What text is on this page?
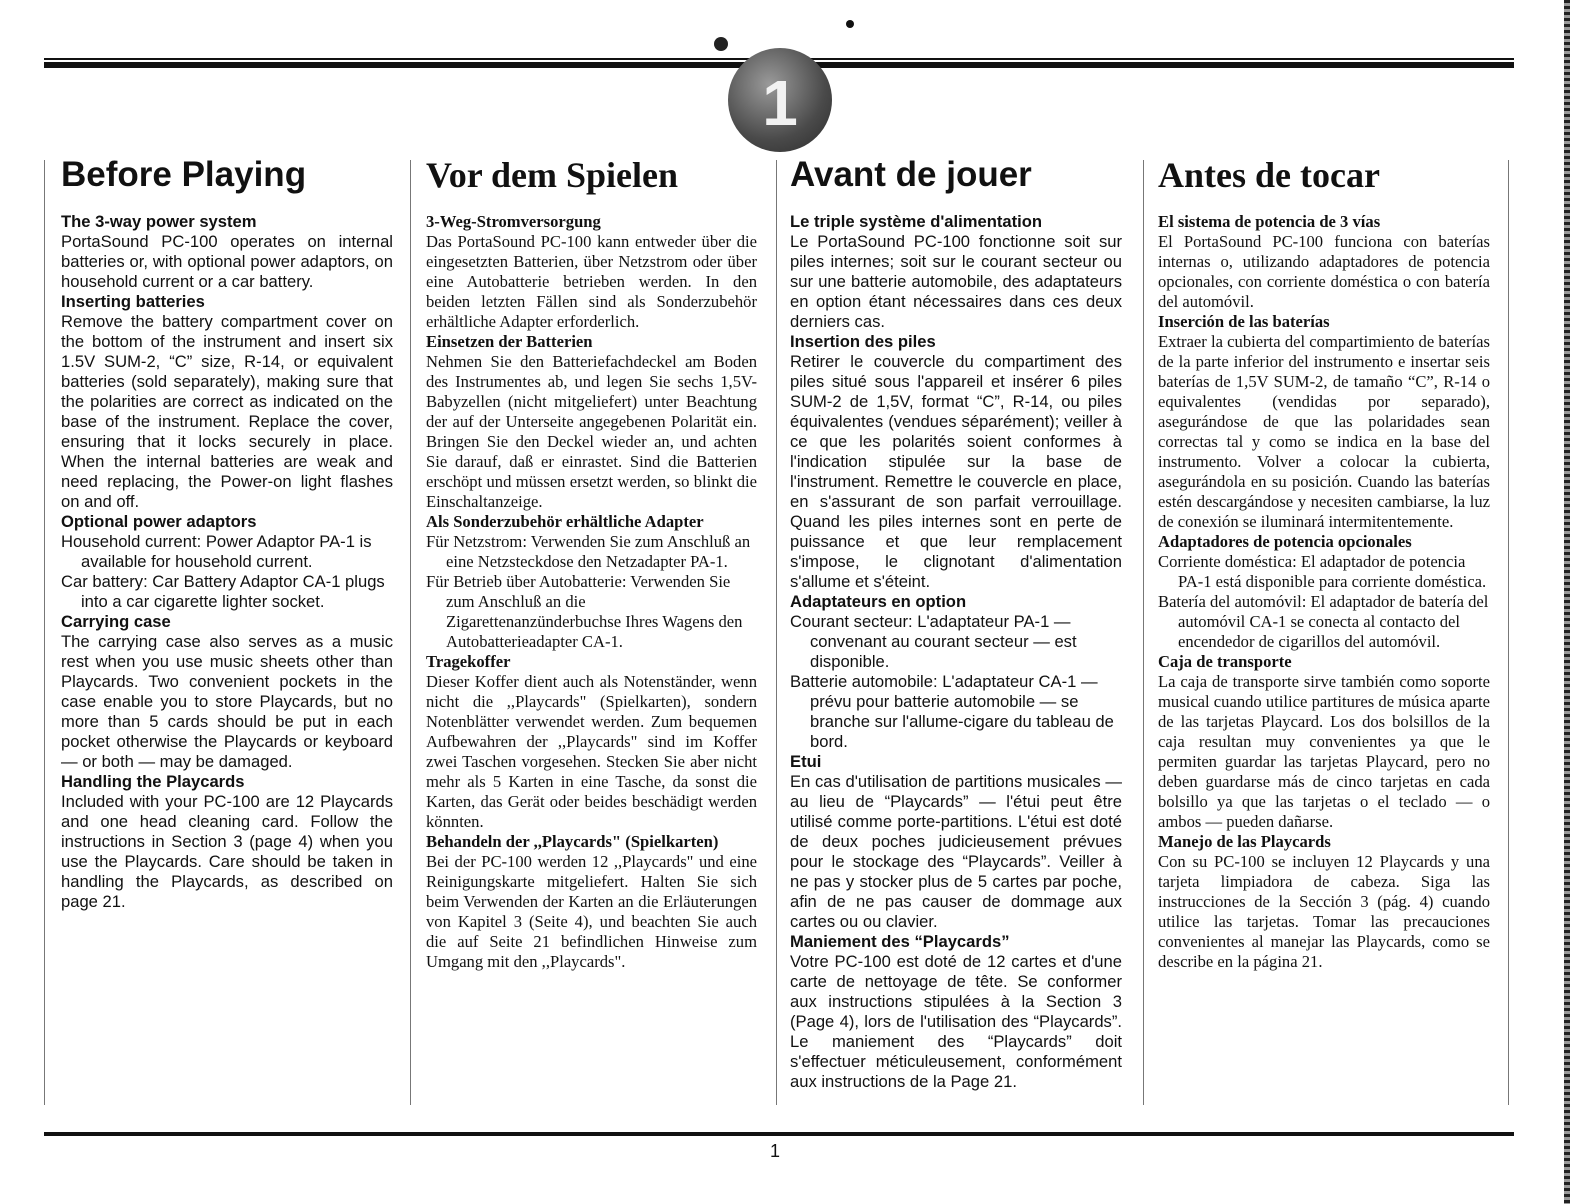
1
Before Playing
The 3-way power system

PortaSound PC-100 operates on internal batteries or, with optional power adaptors, on household current or a car battery.

Inserting batteries

Remove the battery compartment cover on the bottom of the instrument and insert six 1.5V SUM-2, “C” size, R-14, or equivalent batteries (sold separately), making sure that the polarities are correct as indicated on the base of the instrument. Replace the cover, ensuring that it locks securely in place. When the internal batteries are weak and need replacing, the Power-on light flashes on and off.

Optional power adaptors

Household current: Power Adaptor PA-1 is available for household current.

Car battery: Car Battery Adaptor CA-1 plugs into a car cigarette lighter socket.

Carrying case

The carrying case also serves as a music rest when you use music sheets other than Playcards. Two convenient pockets in the case enable you to store Playcards, but no more than 5 cards should be put in each pocket otherwise the Playcards or keyboard — or both — may be damaged.

Handling the Playcards

Included with your PC-100 are 12 Playcards and one head cleaning card. Follow the instructions in Section 3 (page 4) when you use the Playcards. Care should be taken in handling the Playcards, as described on page 21.

Vor dem Spielen
3-Weg-Stromversorgung

Das PortaSound PC-100 kann entweder über die eingesetzten Batterien, über Netzstrom oder über eine Autobatterie betrieben werden. In den beiden letzten Fällen sind als Sonderzubehör erhältliche Adapter erforderlich.

Einsetzen der Batterien

Nehmen Sie den Batteriefachdeckel am Boden des Instrumentes ab, und legen Sie sechs 1,5V-Babyzellen (nicht mitgeliefert) unter Beachtung der auf der Unterseite angegebenen Polarität ein. Bringen Sie den Deckel wieder an, und achten Sie darauf, daß er einrastet. Sind die Batterien erschöpt und müssen ersetzt werden, so blinkt die Einschaltanzeige.

Als Sonderzubehör erhältliche Adapter

Für Netzstrom: Verwenden Sie zum Anschluß an eine Netzsteckdose den Netzadapter PA-1.

Für Betrieb über Autobatterie: Verwenden Sie zum Anschluß an die Zigarettenanzünderbuchse Ihres Wagens den Autobatterieadapter CA-1.

Tragekoffer

Dieser Koffer dient auch als Notenständer, wenn nicht die ,,Playcards" (Spielkarten), sondern Notenblätter verwendet werden. Zum bequemen Aufbewahren der ,,Playcards" sind im Koffer zwei Taschen vorgesehen. Stecken Sie aber nicht mehr als 5 Karten in eine Tasche, da sonst die Karten, das Gerät oder beides beschädigt werden könnten.

Behandeln der ,,Playcards" (Spielkarten)

Bei der PC-100 werden 12 ,,Playcards" und eine Reinigungskarte mitgeliefert. Halten Sie sich beim Verwenden der Karten an die Erläuterungen von Kapitel 3 (Seite 4), und beachten Sie auch die auf Seite 21 befindlichen Hinweise zum Umgang mit den ,,Playcards".

Avant de jouer
Le triple système d'alimentation

Le PortaSound PC-100 fonctionne soit sur piles internes; soit sur le courant secteur ou sur une batterie automobile, des adaptateurs en option étant nécessaires dans ces deux derniers cas.

Insertion des piles

Retirer le couvercle du compartiment des piles situé sous l'appareil et insérer 6 piles SUM-2 de 1,5V, format “C”, R-14, ou piles équivalentes (vendues séparément); veiller à ce que les polarités soient conformes à l'indication stipulée sur la base de l'instrument. Remettre le couvercle en place, en s'assurant de son parfait verrouillage. Quand les piles internes sont en perte de puissance et que leur remplacement s'impose, le clignotant d'alimentation s'allume et s'éteint.

Adaptateurs en option

Courant secteur: L'adaptateur PA-1 — convenant au courant secteur — est disponible.

Batterie automobile: L'adaptateur CA-1 — prévu pour batterie automobile — se branche sur l'allume-cigare du tableau de bord.

Etui

En cas d'utilisation de partitions musicales — au lieu de “Playcards” — l'étui peut être utilisé comme porte-partitions. L'étui est doté de deux poches judicieusement prévues pour le stockage des “Playcards”. Veiller à ne pas y stocker plus de 5 cartes par poche, afin de ne pas causer de dommage aux cartes ou ou clavier.

Maniement des “Playcards”

Votre PC-100 est doté de 12 cartes et d'une carte de nettoyage de tête. Se conformer aux instructions stipulées à la Section 3 (Page 4), lors de l'utilisation des “Playcards”. Le maniement des “Playcards” doit s'effectuer méticuleusement, conformément aux instructions de la Page 21.

Antes de tocar
El sistema de potencia de 3 vías

El PortaSound PC-100 funciona con baterías internas o, utilizando adaptadores de potencia opcionales, con corriente doméstica o con batería del automóvil.

Inserción de las baterías

Extraer la cubierta del compartimiento de baterías de la parte inferior del instrumento e insertar seis baterías de 1,5V SUM-2, de tamaño “C”, R-14 o equivalentes (vendidas por separado), asegurándose de que las polaridades sean correctas tal y como se indica en la base del instrumento. Volver a colocar la cubierta, asegurándola en su posición. Cuando las baterías estén descargándose y necesiten cambiarse, la luz de conexión se iluminará intermitentemente.

Adaptadores de potencia opcionales

Corriente doméstica: El adaptador de potencia PA-1 está disponible para corriente doméstica.

Batería del automóvil: El adaptador de batería del automóvil CA-1 se conecta al contacto del encendedor de cigarillos del automóvil.

Caja de transporte

La caja de transporte sirve también como soporte musical cuando utilice partitures de música aparte de las tarjetas Playcard. Los dos bolsillos de la caja resultan muy convenientes ya que le permiten guardar las tarjetas Playcard, pero no deben guardarse más de cinco tarjetas en cada bolsillo ya que las tarjetas o el teclado — o ambos — pueden dañarse.

Manejo de las Playcards

Con su PC-100 se incluyen 12 Playcards y una tarjeta limpiadora de cabeza. Siga las instrucciones de la Sección 3 (pág. 4) cuando utilice las tarjetas. Tomar las precauciones convenientes al manejar las Playcards, como se describe en la página 21.

1
